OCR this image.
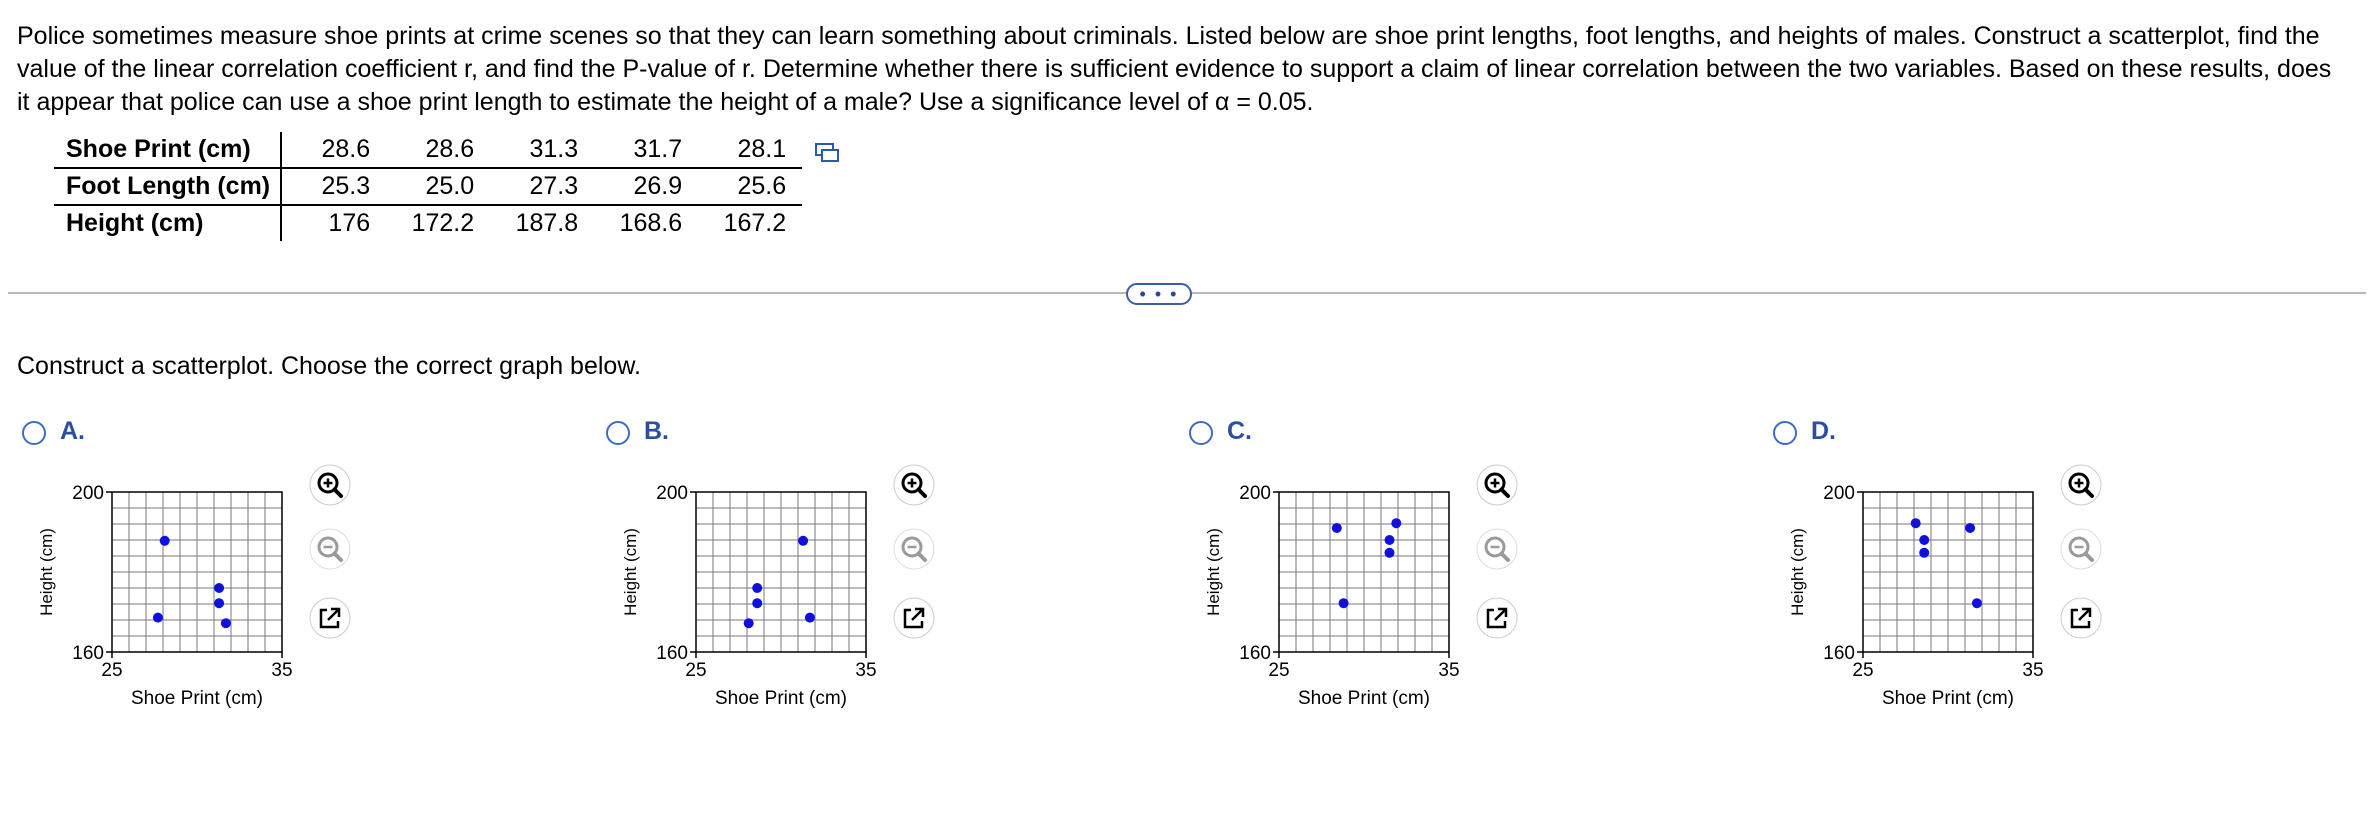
Police sometimes measure shoe prints at crime scenes so that they can learn something about criminals. Listed below are shoe print lengths, foot lengths, and heights of males. Construct a scatterplot, find the value of the linear correlation coefficient r, and find the P-value of r. Determine whether there is sufficient evidence to support a claim of linear correlation between the two variables. Based on these results, does it appear that police can use a shoe print length to estimate the height of a male? Use a significance level of α = 0.05.
Shoe Print (cm)	28.6	28.6	31.3	31.7	28.1
Foot Length (cm)	25.3	25.0	27.3	26.9	25.6
Height (cm)	176	172.2	187.8	168.6	167.2
• • •
Construct a scatterplot. Choose the correct graph below.
A.
200
160
25	35
Shoe Print (cm)
Height (cm)
B.
200
160
25	35
Shoe Print (cm)
Height (cm)
C.
200
160
25	35
Shoe Print (cm)
Height (cm)
D.
200
160
25	35
Shoe Print (cm)
Height (cm)
